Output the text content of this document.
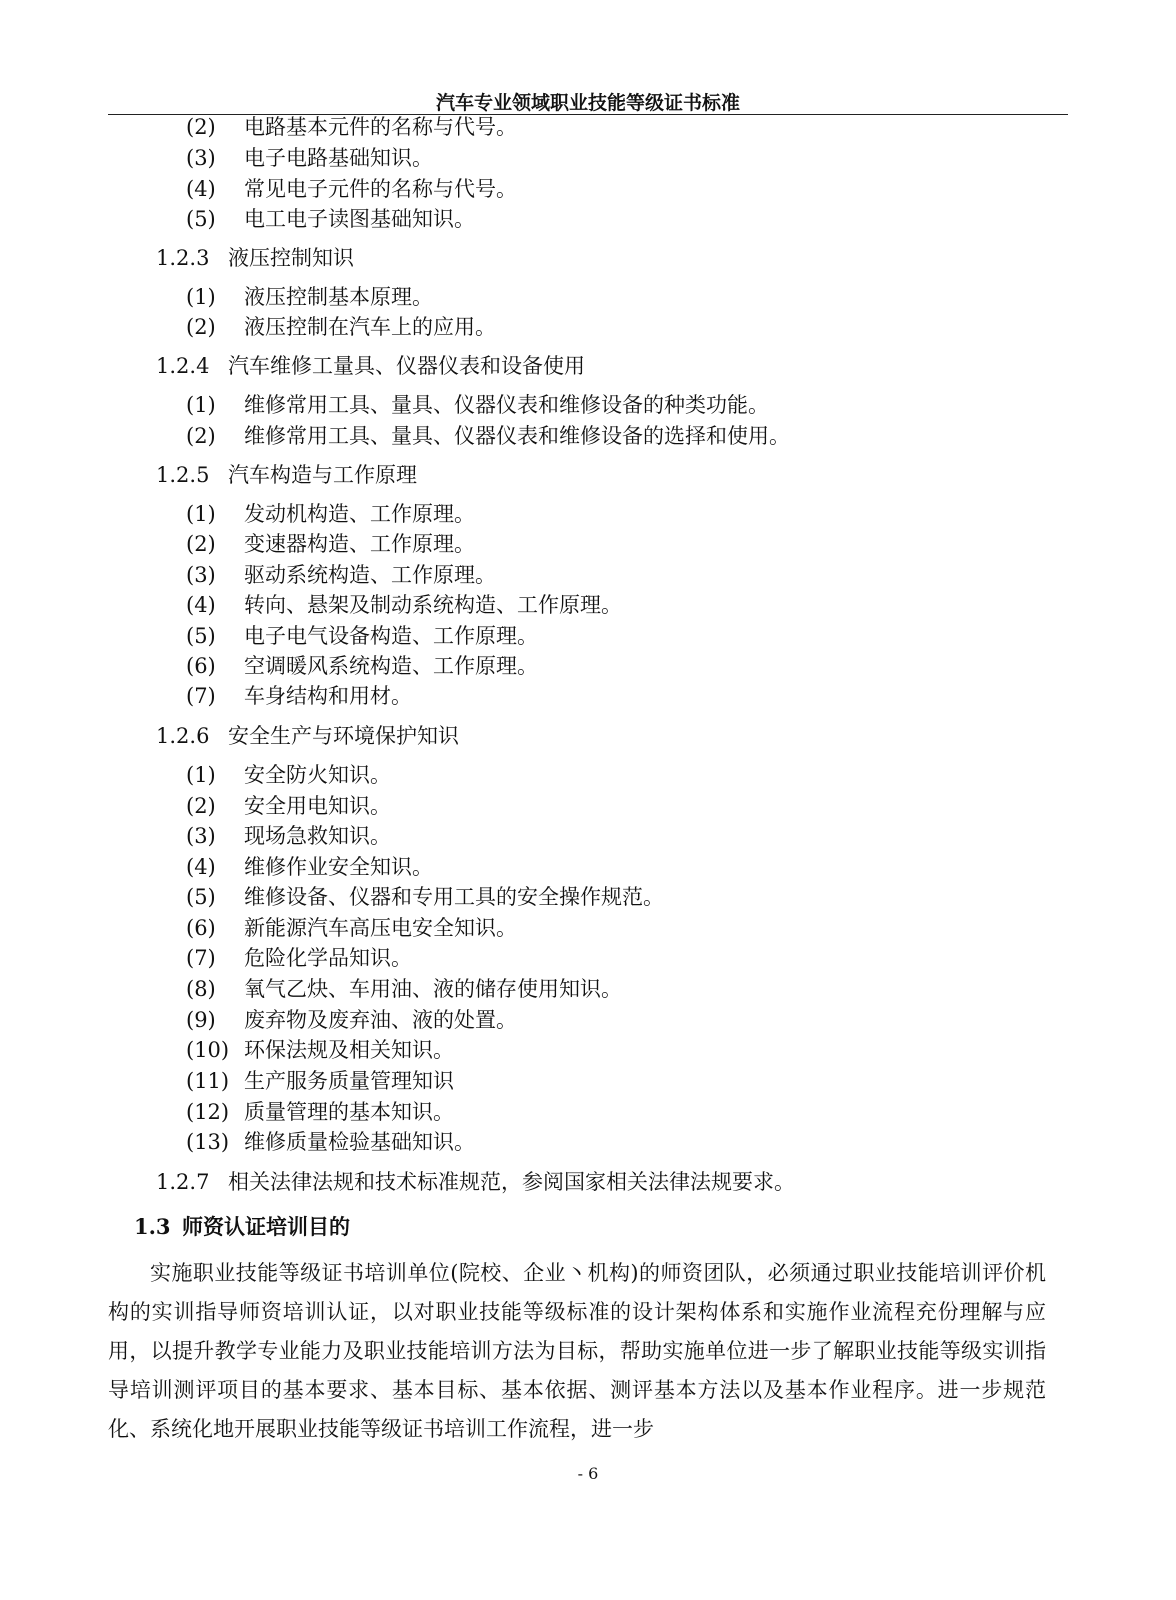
汽车专业领域职业技能等级证书标准
(2) 电路基本元件的名称与代号。
(3) 电子电路基础知识。
(4) 常见电子元件的名称与代号。
(5) 电工电子读图基础知识。
1.2.3 液压控制知识
(1) 液压控制基本原理。
(2) 液压控制在汽车上的应用。
1.2.4 汽车维修工量具、仪器仪表和设备使用
(1) 维修常用工具、量具、仪器仪表和维修设备的种类功能。
(2) 维修常用工具、量具、仪器仪表和维修设备的选择和使用。
1.2.5 汽车构造与工作原理
(1) 发动机构造、工作原理。
(2) 变速器构造、工作原理。
(3) 驱动系统构造、工作原理。
(4) 转向、悬架及制动系统构造、工作原理。
(5) 电子电气设备构造、工作原理。
(6) 空调暖风系统构造、工作原理。
(7) 车身结构和用材。
1.2.6 安全生产与环境保护知识
(1) 安全防火知识。
(2) 安全用电知识。
(3) 现场急救知识。
(4) 维修作业安全知识。
(5) 维修设备、仪器和专用工具的安全操作规范。
(6) 新能源汽车高压电安全知识。
(7) 危险化学品知识。
(8) 氧气乙炔、车用油、液的储存使用知识。
(9) 废弃物及废弃油、液的处置。
(10) 环保法规及相关知识。
(11) 生产服务质量管理知识
(12) 质量管理的基本知识。
(13) 维修质量检验基础知识。
1.2.7 相关法律法规和技术标准规范，参阅国家相关法律法规要求。
1.3 师资认证培训目的
实施职业技能等级证书培训单位(院校、企业丶机构)的师资团队，必须通过职业技能培训评价机构的实训指导师资培训认证，以对职业技能等级标准的设计架构体系和实施作业流程充份理解与应用，以提升教学专业能力及职业技能培训方法为目标，帮助实施单位进一步了解职业技能等级实训指导培训测评项目的基本要求、基本目标、基本依据、测评基本方法以及基本作业程序。进一步规范化、系统化地开展职业技能等级证书培训工作流程，进一步
- 6
